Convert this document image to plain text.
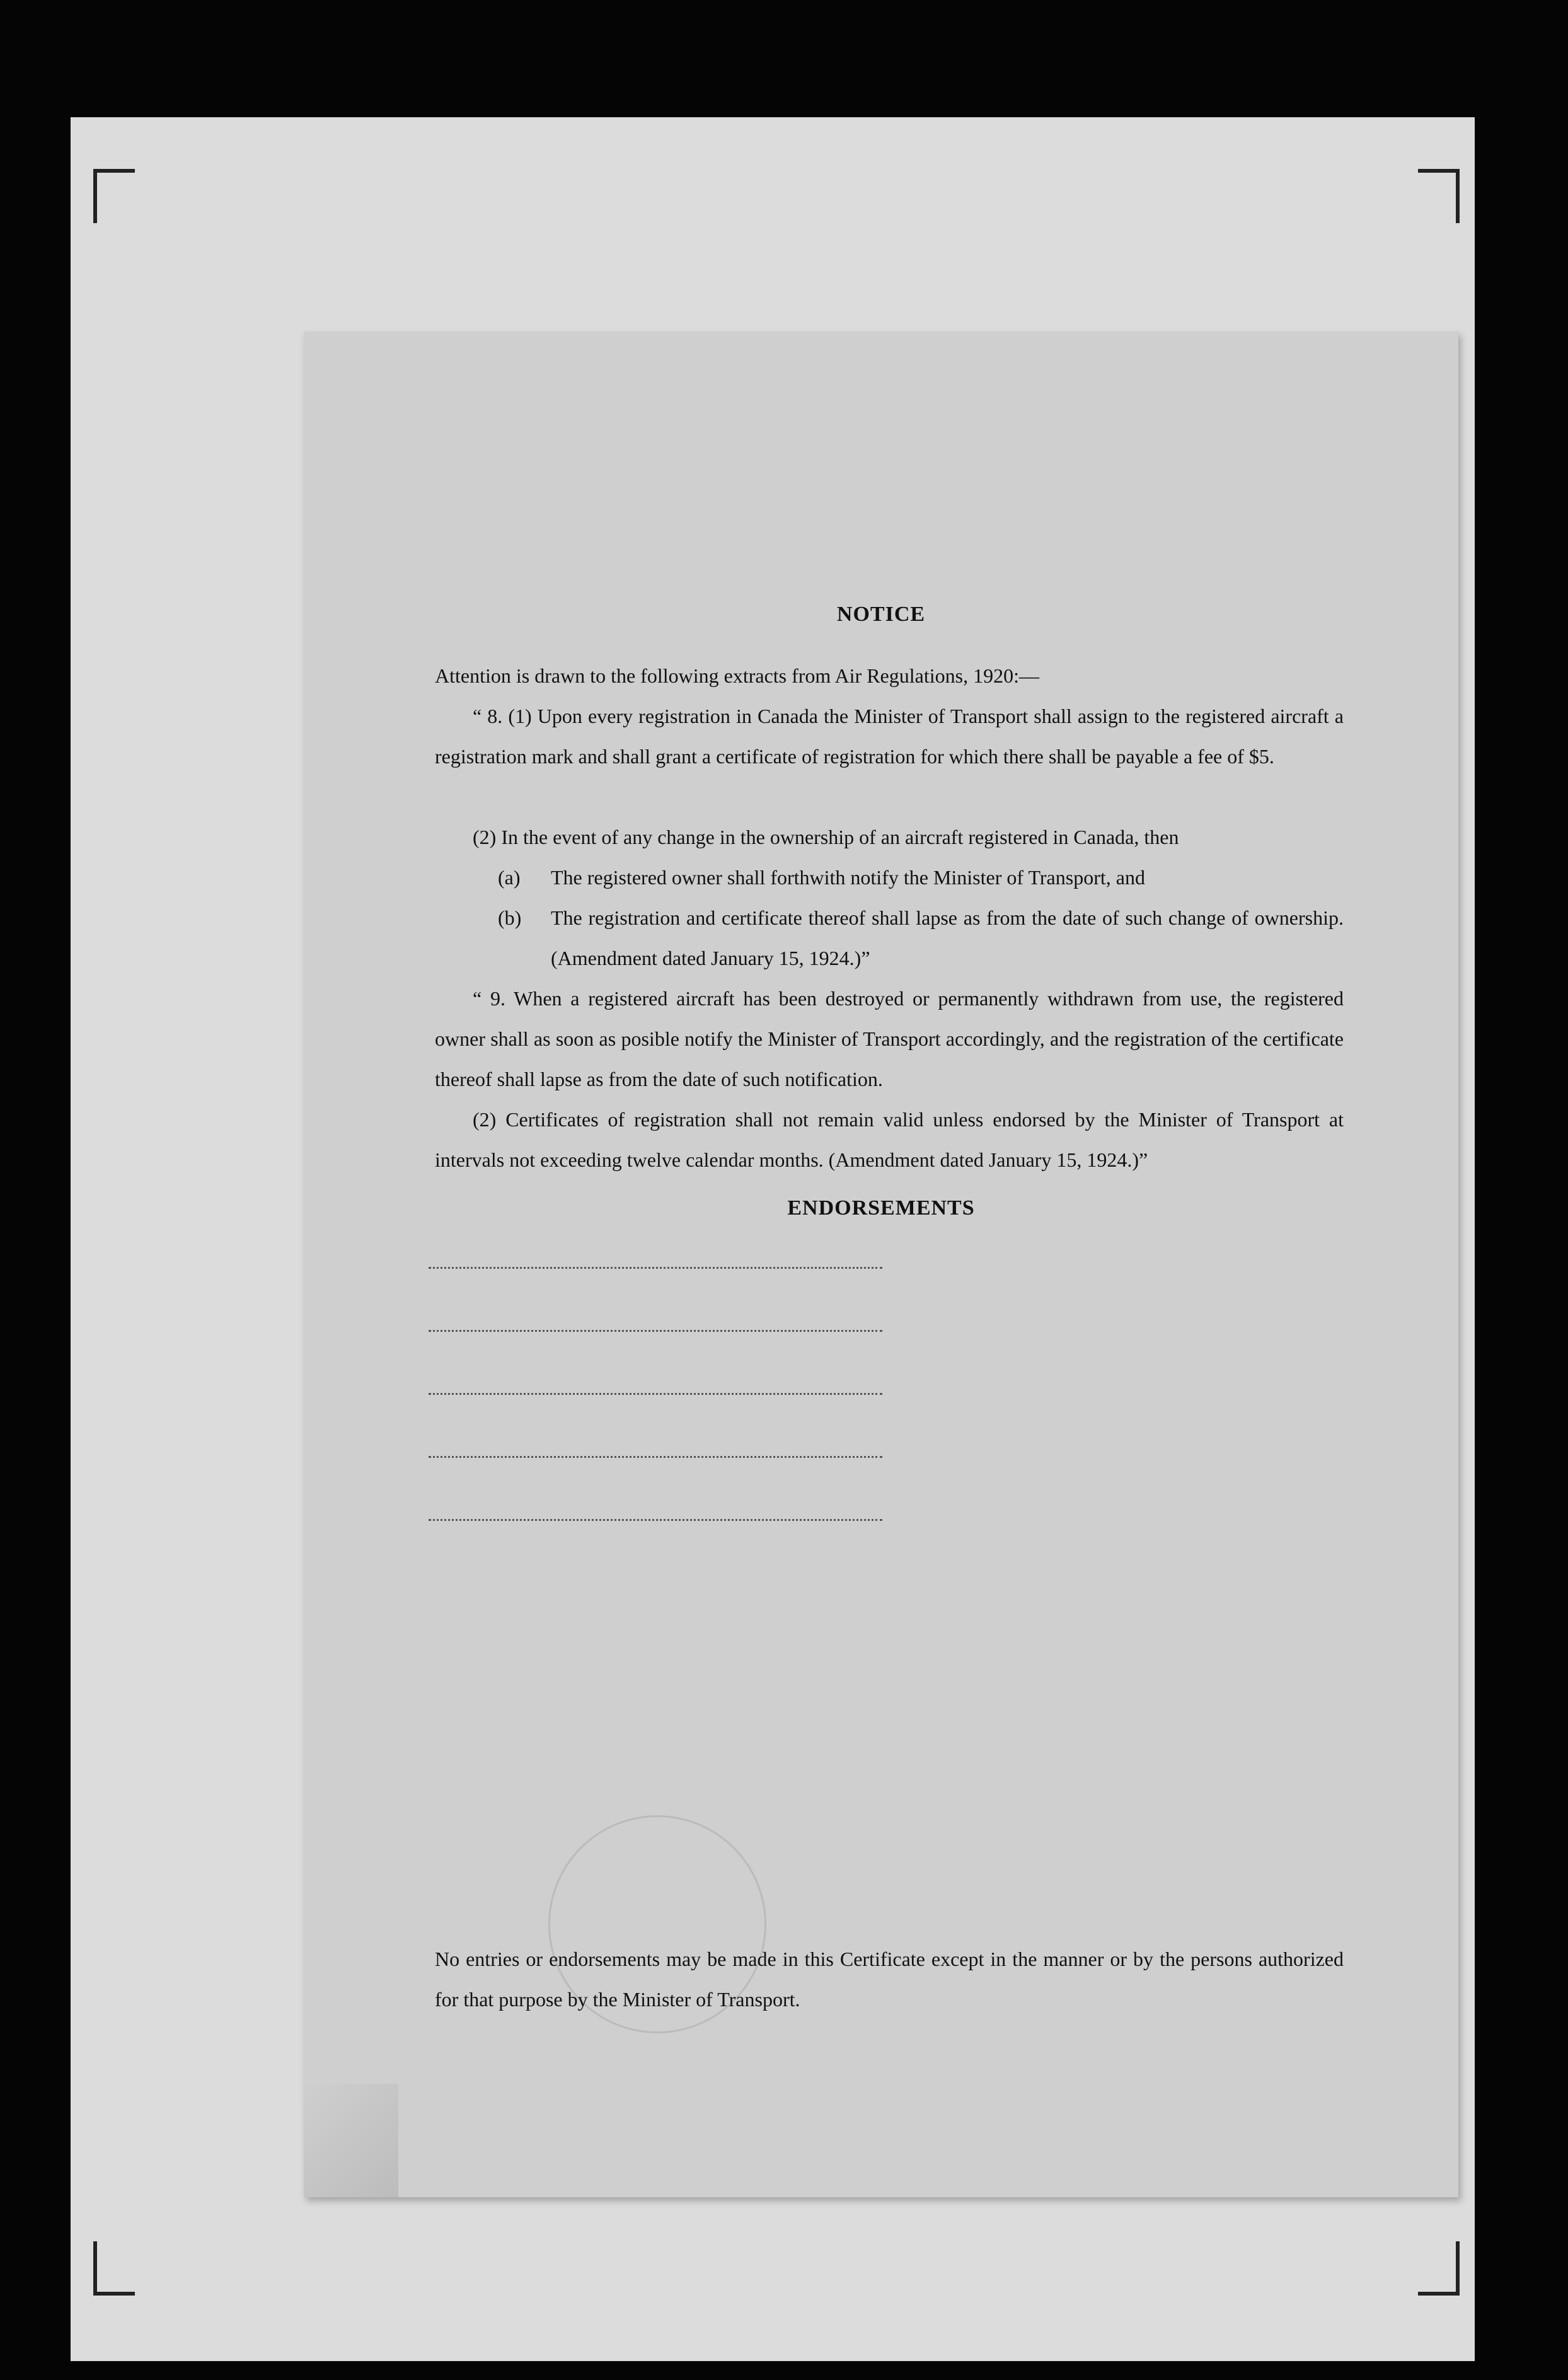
NOTICE
Attention is drawn to the following extracts from Air Regulations, 1920:—
“ 8. (1) Upon every registration in Canada the Minister of Transport shall assign to the registered aircraft a registration mark and shall grant a certificate of registration for which there shall be payable a fee of $5.
(2) In the event of any change in the ownership of an aircraft registered in Canada, then
(a) The registered owner shall forthwith notify the Minister of Transport, and
(b) The registration and certificate thereof shall lapse as from the date of such change of ownership. (Amendment dated January 15, 1924.)”
“ 9. When a registered aircraft has been destroyed or permanently withdrawn from use, the registered owner shall as soon as posible notify the Minister of Transport accordingly, and the registration of the certificate thereof shall lapse as from the date of such notification.
(2) Certificates of registration shall not remain valid unless endorsed by the Minister of Transport at intervals not exceeding twelve calendar months. (Amendment dated January 15, 1924.)”
ENDORSEMENTS
No entries or endorsements may be made in this Certificate except in the manner or by the persons authorized for that purpose by the Minister of Transport.
